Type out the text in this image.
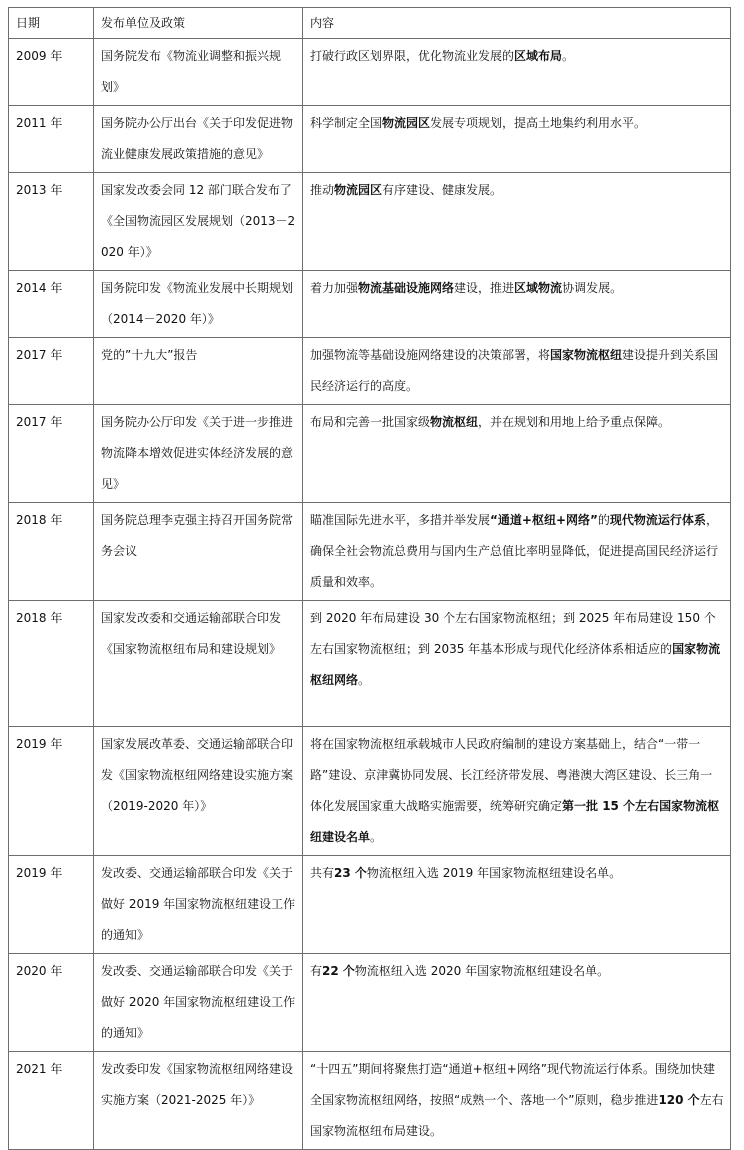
日期	发布单位及政策	内容
2009 年	国务院发布《物流业调整和振兴规划》	打破行政区划界限，优化物流业发展的区域布局。
2011 年	国务院办公厅出台《关于印发促进物流业健康发展政策措施的意见》	科学制定全国物流园区发展专项规划，提高土地集约利用水平。
2013 年	国家发改委会同 12 部门联合发布了《全国物流园区发展规划（2013－2020 年）》	推动物流园区有序建设、健康发展。
2014 年	国务院印发《物流业发展中长期规划（2014－2020 年）》	着力加强物流基础设施网络建设，推进区域物流协调发展。
2017 年	党的”十九大”报告	加强物流等基础设施网络建设的决策部署，将国家物流枢纽建设提升到关系国民经济运行的高度。
2017 年	国务院办公厅印发《关于进一步推进物流降本增效促进实体经济发展的意见》	布局和完善一批国家级物流枢纽，并在规划和用地上给予重点保障。
2018 年	国务院总理李克强主持召开国务院常务会议	瞄准国际先进水平，多措并举发展“通道+枢纽+网络”的现代物流运行体系，确保全社会物流总费用与国内生产总值比率明显降低，促进提高国民经济运行质量和效率。
2018 年	国家发改委和交通运输部联合印发《国家物流枢纽布局和建设规划》	到 2020 年布局建设 30 个左右国家物流枢纽；到 2025 年布局建设 150 个左右国家物流枢纽；到 2035 年基本形成与现代化经济体系相适应的国家物流枢纽网络。
2019 年	国家发展改革委、交通运输部联合印发《国家物流枢纽网络建设实施方案（2019-2020 年）》	将在国家物流枢纽承载城市人民政府编制的建设方案基础上，结合“一带一路”建设、京津冀协同发展、长江经济带发展、粤港澳大湾区建设、长三角一体化发展国家重大战略实施需要，统筹研究确定第一批 15 个左右国家物流枢纽建设名单。
2019 年	发改委、交通运输部联合印发《关于做好 2019 年国家物流枢纽建设工作的通知》	共有23 个物流枢纽入选 2019 年国家物流枢纽建设名单。
2020 年	发改委、交通运输部联合印发《关于做好 2020 年国家物流枢纽建设工作的通知》	有22 个物流枢纽入选 2020 年国家物流枢纽建设名单。
2021 年	发改委印发《国家物流枢纽网络建设实施方案（2021-2025 年）》	“十四五”期间将聚焦打造“通道+枢纽+网络”现代物流运行体系。围绕加快建全国家物流枢纽网络，按照“成熟一个、落地一个”原则，稳步推进120 个左右国家物流枢纽布局建设。
